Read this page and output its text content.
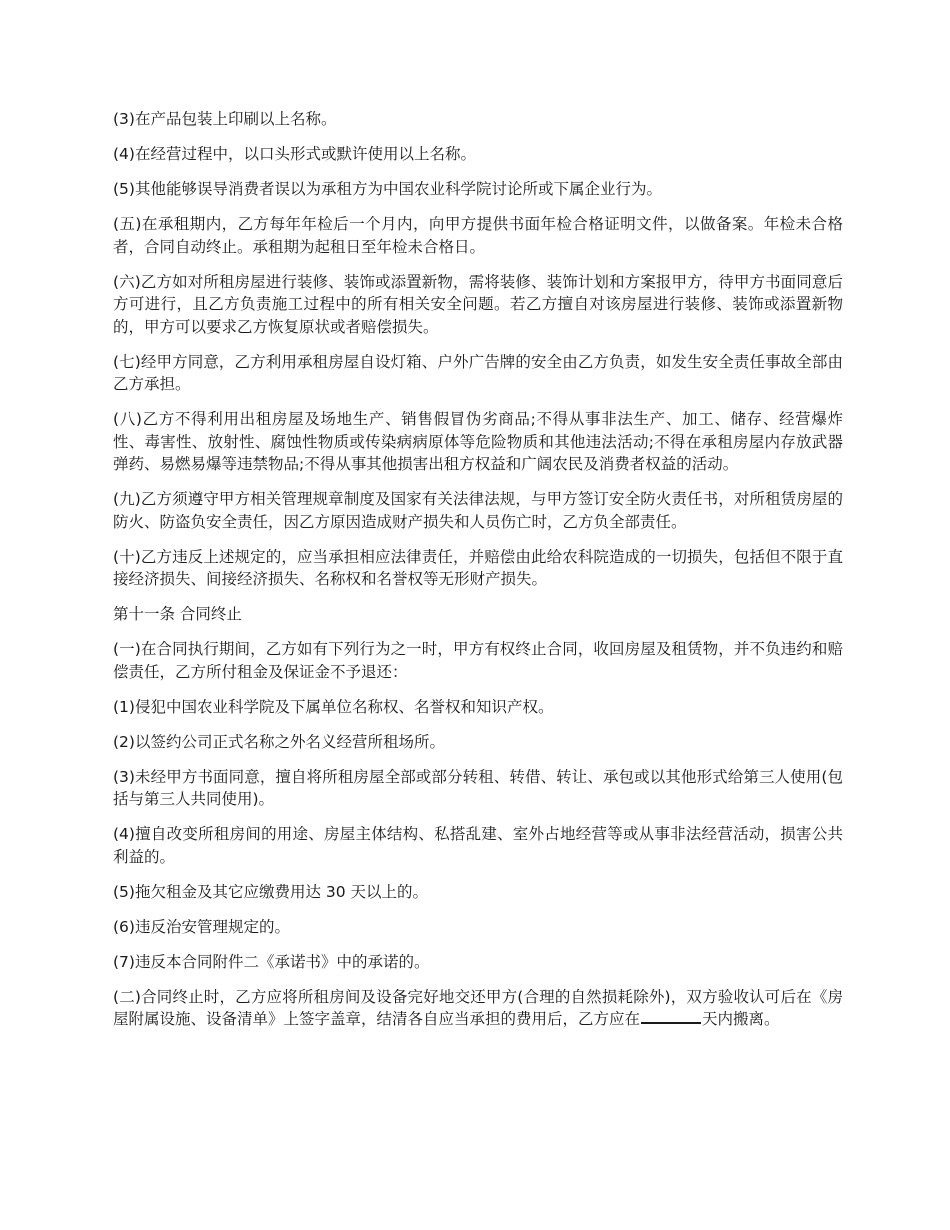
(3)在产品包装上印刷以上名称。

(4)在经营过程中，以口头形式或默许使用以上名称。

(5)其他能够误导消费者误以为承租方为中国农业科学院讨论所或下属企业行为。

(五)在承租期内，乙方每年年检后一个月内，向甲方提供书面年检合格证明文件，以做备案。年检未合格者，合同自动终止。承租期为起租日至年检未合格日。

(六)乙方如对所租房屋进行装修、装饰或添置新物，需将装修、装饰计划和方案报甲方，待甲方书面同意后方可进行，且乙方负责施工过程中的所有相关安全问题。若乙方擅自对该房屋进行装修、装饰或添置新物的，甲方可以要求乙方恢复原状或者赔偿损失。

(七)经甲方同意，乙方利用承租房屋自设灯箱、户外广告牌的安全由乙方负责，如发生安全责任事故全部由乙方承担。

(八)乙方不得利用出租房屋及场地生产、销售假冒伪劣商品;不得从事非法生产、加工、储存、经营爆炸性、毒害性、放射性、腐蚀性物质或传染病病原体等危险物质和其他违法活动;不得在承租房屋内存放武器弹药、易燃易爆等违禁物品;不得从事其他损害出租方权益和广阔农民及消费者权益的活动。

(九)乙方须遵守甲方相关管理规章制度及国家有关法律法规，与甲方签订安全防火责任书，对所租赁房屋的防火、防盗负安全责任，因乙方原因造成财产损失和人员伤亡时，乙方负全部责任。

(十)乙方违反上述规定的，应当承担相应法律责任，并赔偿由此给农科院造成的一切损失，包括但不限于直接经济损失、间接经济损失、名称权和名誉权等无形财产损失。

第十一条 合同终止

(一)在合同执行期间，乙方如有下列行为之一时，甲方有权终止合同，收回房屋及租赁物，并不负违约和赔偿责任，乙方所付租金及保证金不予退还：

(1)侵犯中国农业科学院及下属单位名称权、名誉权和知识产权。

(2)以签约公司正式名称之外名义经营所租场所。

(3)未经甲方书面同意，擅自将所租房屋全部或部分转租、转借、转让、承包或以其他形式给第三人使用(包括与第三人共同使用)。

(4)擅自改变所租房间的用途、房屋主体结构、私搭乱建、室外占地经营等或从事非法经营活动，损害公共利益的。

(5)拖欠租金及其它应缴费用达 30 天以上的。

(6)违反治安管理规定的。

(7)违反本合同附件二《承诺书》中的承诺的。

(二)合同终止时，乙方应将所租房间及设备完好地交还甲方(合理的自然损耗除外)，双方验收认可后在《房屋附属设施、设备清单》上签字盖章，结清各自应当承担的费用后，乙方应在	天内搬离。
